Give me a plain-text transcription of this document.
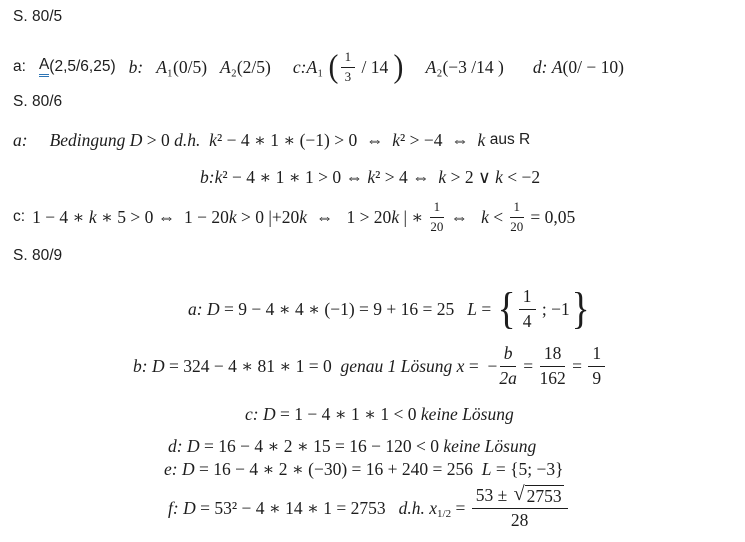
S. 80/5
a: A (2,5/6,25) b: A ₁(0/5) A ₂(2/5) c: A ₁ ( $\frac{1}{3} / 14$ ) A ₂(−3 /14 ) d: A (0/ − 10)
S. 80/6
a: Bedingung D > 0 d.h.
k ² − 4 ∗ 1 ∗ (−1) > 0  ⇔ k ² > −4  ⇔ k aus R
b: k ² − 4 ∗ 1 ∗ 1 > 0 ⇔ k ² > 4 ⇔ k > 2 ∨ k < −2
c: 1 − 4 ∗ k ∗ 5 > 0 ⇔  1 − 20 k > 0 |+20 k ⇔   1 > 20 k | ∗ $\frac{1}{20}$ ⇔ $k < \frac{1}{20} = 0,05$
S. 80/9
a: D = 9 − 4 ∗ 4 ∗ (−1) = 9 + 16 = 25 L = { $\frac{1}{4}$ ; −1 }
b: D = 324 − 4 ∗ 81 ∗ 1 = 0 genau 1 Lösung x =  − $\frac{b}{2a} = \frac{18}{162} = \frac{1}{9}$
c: D = 1 − 4 ∗ 1 ∗ 1 < 0 keine Lösung
d: D = 16 − 4 ∗ 2 ∗ 15 = 16 − 120 < 0 keine Lösung
e: D = 16 − 4 ∗ 2 ∗ (−30) = 16 + 240 = 256 L = {5; −3}
f: D = 53² − 4 ∗ 14 ∗ 1 = 2753 d.h. x $1/2 = \frac{53 \pm √ 2753}{28}$
